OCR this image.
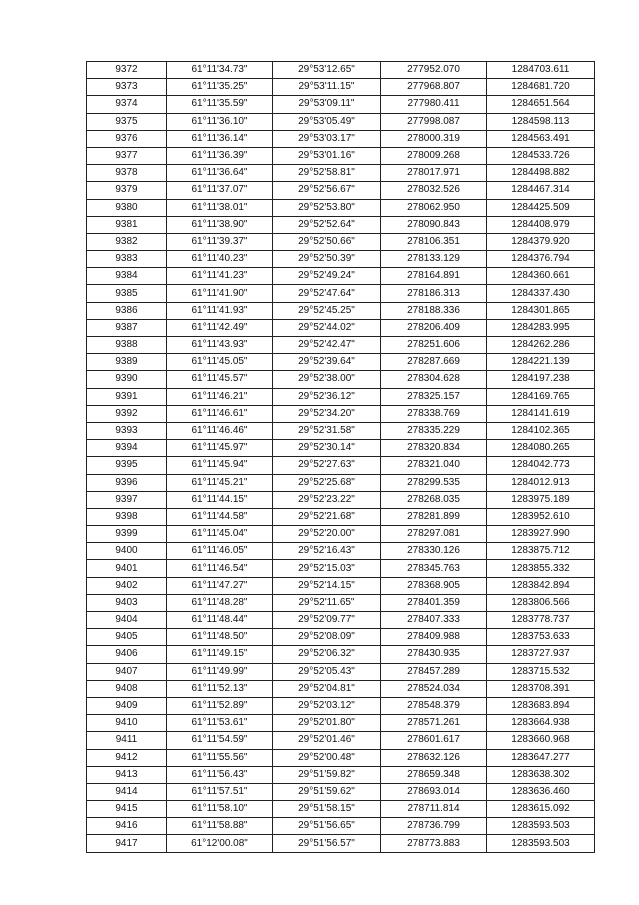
9372	61°11'34.73"	29°53'12.65"	277952.070	1284703.611
9373	61°11'35.25"	29°53'11.15"	277968.807	1284681.720
9374	61°11'35.59"	29°53'09.11"	277980.411	1284651.564
9375	61°11'36.10"	29°53'05.49"	277998.087	1284598.113
9376	61°11'36.14"	29°53'03.17"	278000.319	1284563.491
9377	61°11'36.39"	29°53'01.16"	278009.268	1284533.726
9378	61°11'36.64"	29°52'58.81"	278017.971	1284498.882
9379	61°11'37.07"	29°52'56.67"	278032.526	1284467.314
9380	61°11'38.01"	29°52'53.80"	278062.950	1284425.509
9381	61°11'38.90"	29°52'52.64"	278090.843	1284408.979
9382	61°11'39.37"	29°52'50.66"	278106.351	1284379.920
9383	61°11'40.23"	29°52'50.39"	278133.129	1284376.794
9384	61°11'41.23"	29°52'49.24"	278164.891	1284360.661
9385	61°11'41.90"	29°52'47.64"	278186.313	1284337.430
9386	61°11'41.93"	29°52'45.25"	278188.336	1284301.865
9387	61°11'42.49"	29°52'44.02"	278206.409	1284283.995
9388	61°11'43.93"	29°52'42.47"	278251.606	1284262.286
9389	61°11'45.05"	29°52'39.64"	278287.669	1284221.139
9390	61°11'45.57"	29°52'38.00"	278304.628	1284197.238
9391	61°11'46.21"	29°52'36.12"	278325.157	1284169.765
9392	61°11'46.61"	29°52'34.20"	278338.769	1284141.619
9393	61°11'46.46"	29°52'31.58"	278335.229	1284102.365
9394	61°11'45.97"	29°52'30.14"	278320.834	1284080.265
9395	61°11'45.94"	29°52'27.63"	278321.040	1284042.773
9396	61°11'45.21"	29°52'25.68"	278299.535	1284012.913
9397	61°11'44.15"	29°52'23.22"	278268.035	1283975.189
9398	61°11'44.58"	29°52'21.68"	278281.899	1283952.610
9399	61°11'45.04"	29°52'20.00"	278297.081	1283927.990
9400	61°11'46.05"	29°52'16.43"	278330.126	1283875.712
9401	61°11'46.54"	29°52'15.03"	278345.763	1283855.332
9402	61°11'47.27"	29°52'14.15"	278368.905	1283842.894
9403	61°11'48.28"	29°52'11.65"	278401.359	1283806.566
9404	61°11'48.44"	29°52'09.77"	278407.333	1283778.737
9405	61°11'48.50"	29°52'08.09"	278409.988	1283753.633
9406	61°11'49.15"	29°52'06.32"	278430.935	1283727.937
9407	61°11'49.99"	29°52'05.43"	278457.289	1283715.532
9408	61°11'52.13"	29°52'04.81"	278524.034	1283708.391
9409	61°11'52.89"	29°52'03.12"	278548.379	1283683.894
9410	61°11'53.61"	29°52'01.80"	278571.261	1283664.938
9411	61°11'54.59"	29°52'01.46"	278601.617	1283660.968
9412	61°11'55.56"	29°52'00.48"	278632.126	1283647.277
9413	61°11'56.43"	29°51'59.82"	278659.348	1283638.302
9414	61°11'57.51"	29°51'59.62"	278693.014	1283636.460
9415	61°11'58.10"	29°51'58.15"	278711.814	1283615.092
9416	61°11'58.88"	29°51'56.65"	278736.799	1283593.503
9417	61°12'00.08"	29°51'56.57"	278773.883	1283593.503
